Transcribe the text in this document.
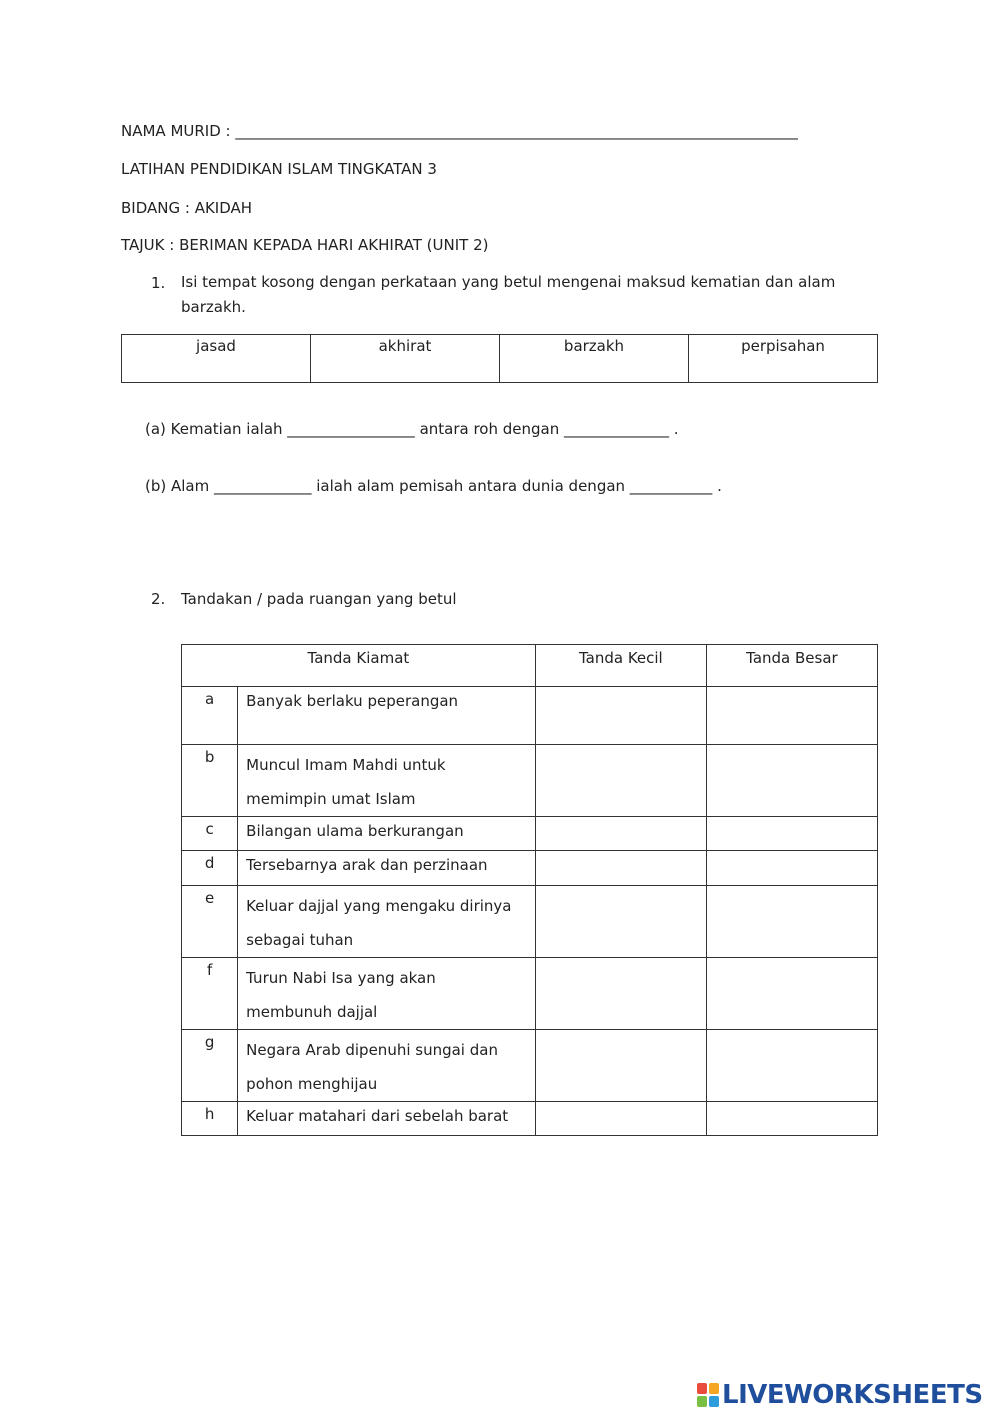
NAMA MURID : ___________________________________________________________________________
LATIHAN PENDIDIKAN ISLAM TINGKATAN 3
BIDANG : AKIDAH
TAJUK : BERIMAN KEPADA HARI AKHIRAT (UNIT 2)
1. Isi tempat kosong dengan perkataan yang betul mengenai maksud kematian dan alam
barzakh.
jasad	akhirat	barzakh	perpisahan
(a) Kematian ialah _________________ antara roh dengan ______________ .
(b) Alam _____________ ialah alam pemisah antara dunia dengan ___________ .
2. Tandakan / pada ruangan yang betul
Tanda Kiamat		Tanda Kecil	Tanda Besar
a	Banyak berlaku peperangan		

b	Muncul Imam Mahdi untuk
memimpin umat Islam		

c	Bilangan ulama berkurangan		

d	Tersebarnya arak dan perzinaan		

e	Keluar dajjal yang mengaku dirinya
sebagai tuhan		

f	Turun Nabi Isa yang akan
membunuh dajjal		

g	Negara Arab dipenuhi sungai dan
pohon menghijau		

h	Keluar matahari dari sebelah barat		

LIVEWORKSHEETS
